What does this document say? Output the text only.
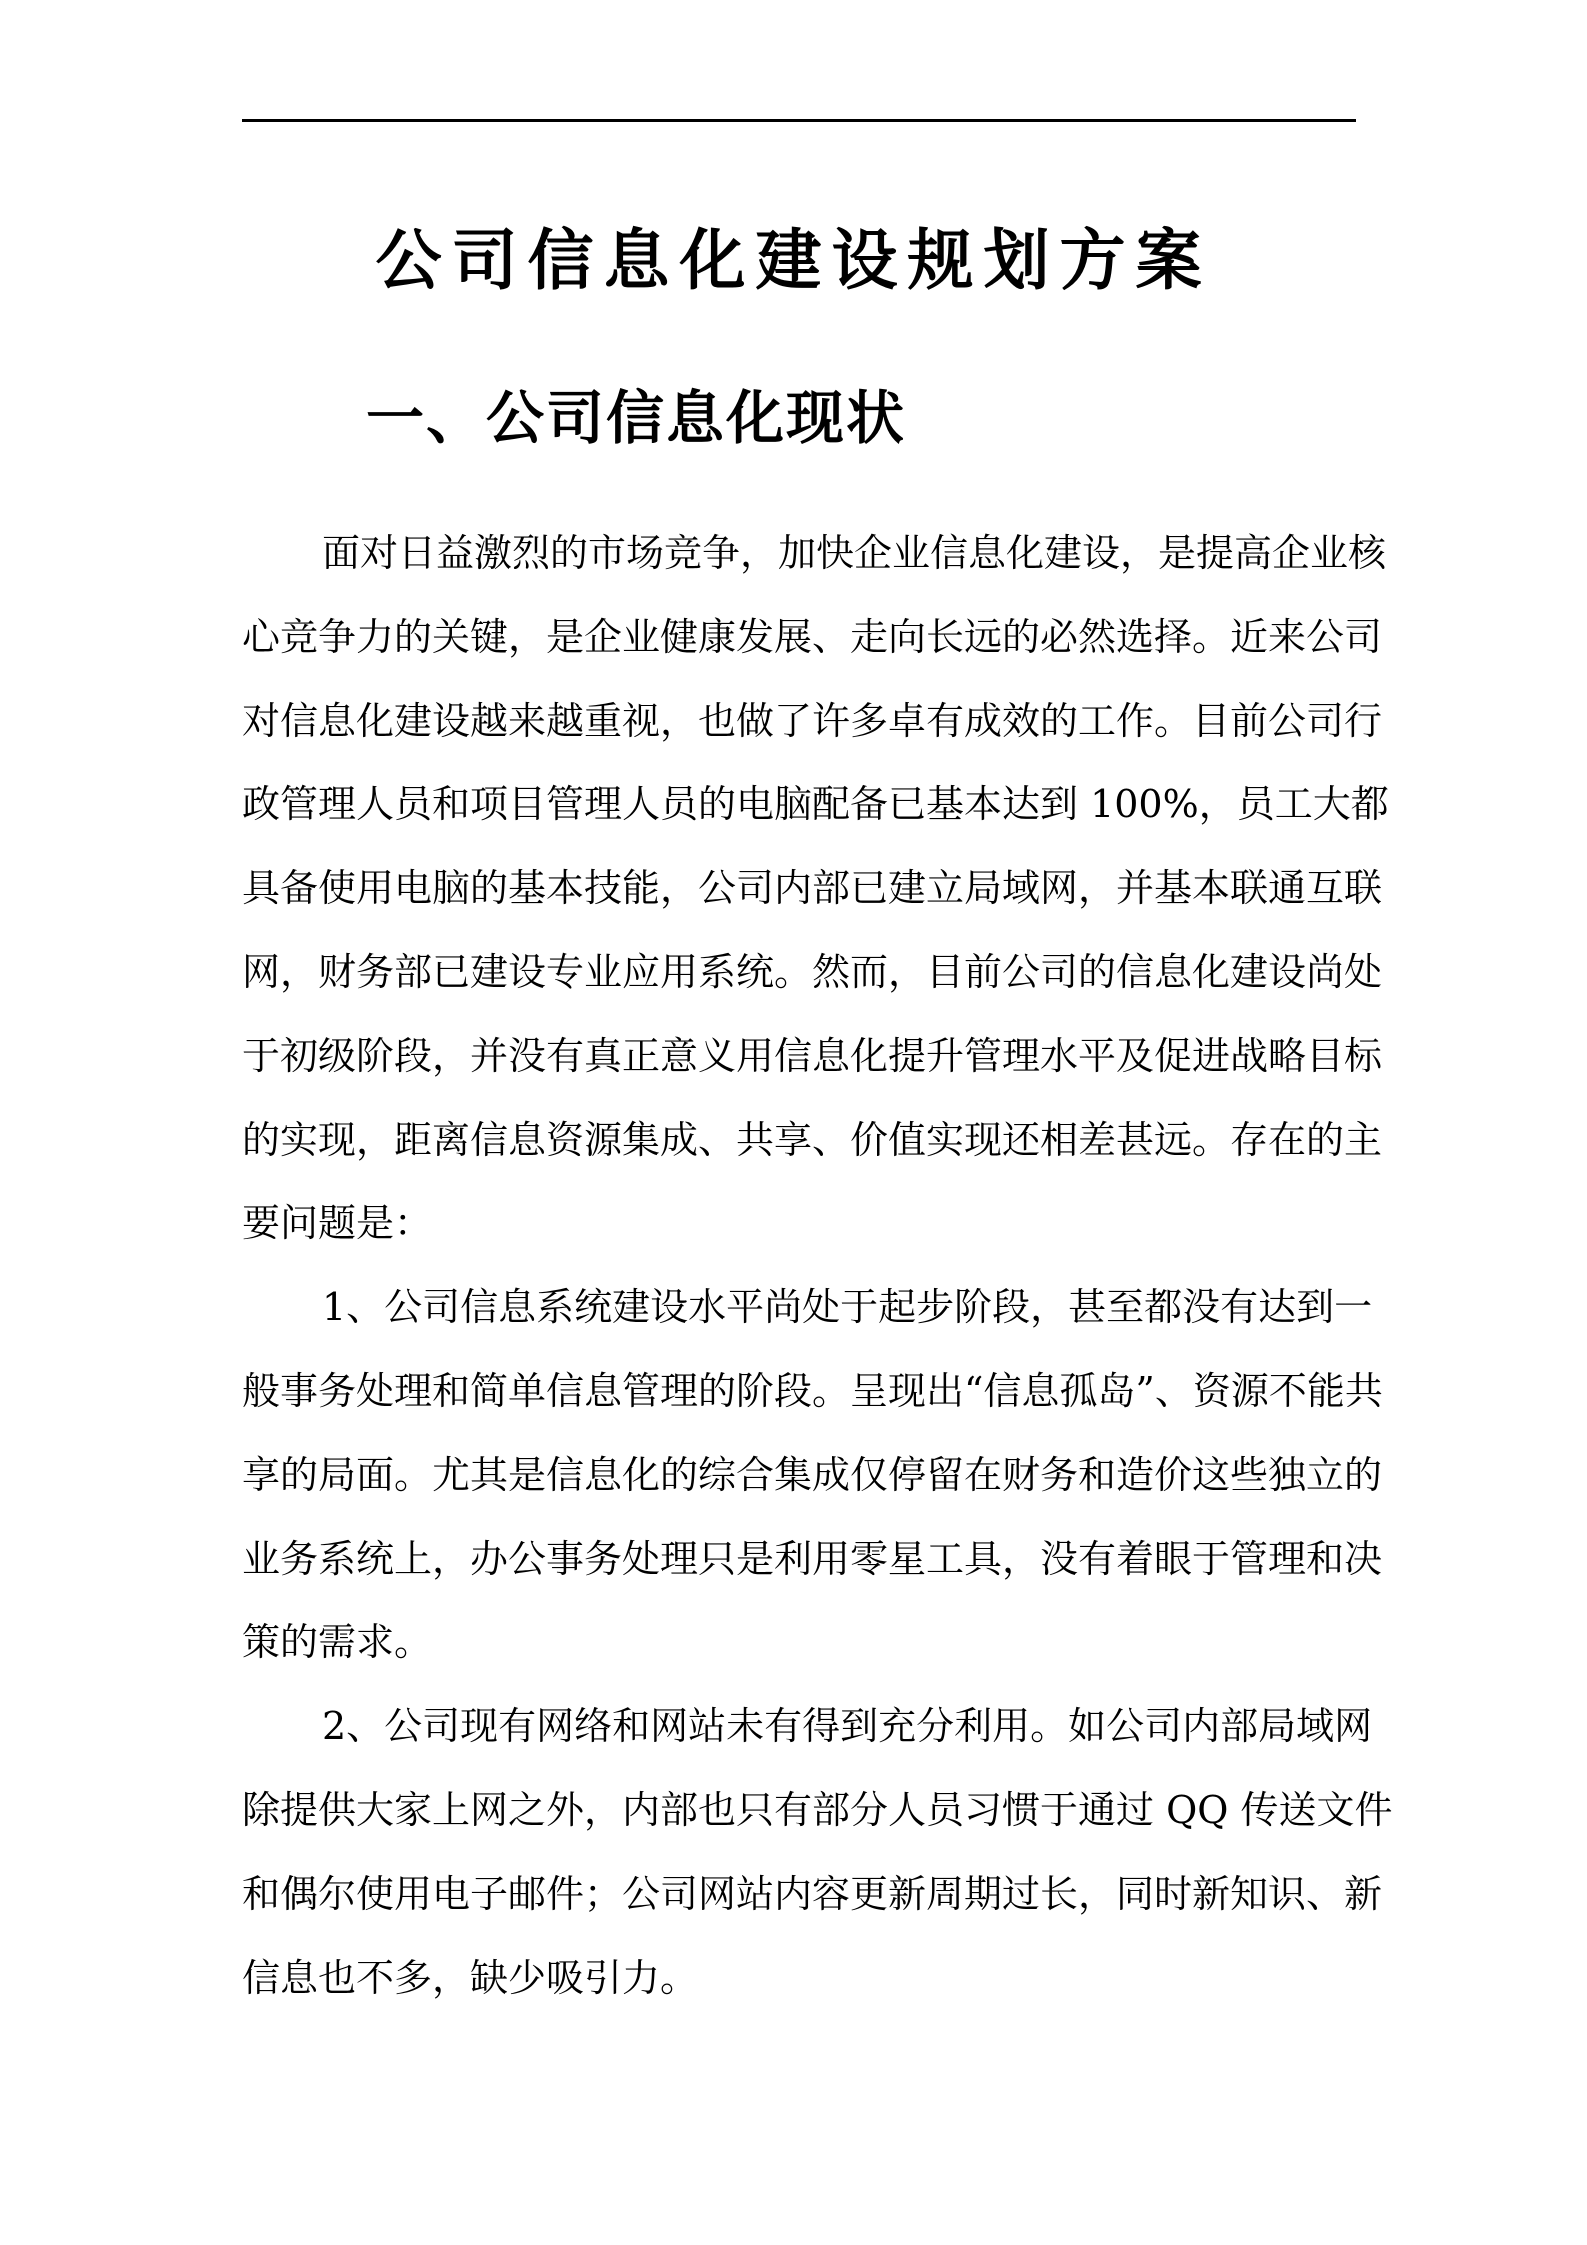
公司信息化建设规划方案
一、公司信息化现状
面对日益激烈的市场竞争，加快企业信息化建设，是提高企业核
心竞争力的关键，是企业健康发展、走向长远的必然选择。近来公司
对信息化建设越来越重视，也做了许多卓有成效的工作。目前公司行
政管理人员和项目管理人员的电脑配备已基本达到 100%，员工大都
具备使用电脑的基本技能，公司内部已建立局域网，并基本联通互联
网，财务部已建设专业应用系统。然而，目前公司的信息化建设尚处
于初级阶段，并没有真正意义用信息化提升管理水平及促进战略目标
的实现，距离信息资源集成、共享、价值实现还相差甚远。存在的主
要问题是：
1、公司信息系统建设水平尚处于起步阶段，甚至都没有达到一
般事务处理和简单信息管理的阶段。呈现出“信息孤岛”、资源不能共
享的局面。尤其是信息化的综合集成仅停留在财务和造价这些独立的
业务系统上，办公事务处理只是利用零星工具，没有着眼于管理和决
策的需求。
2、公司现有网络和网站未有得到充分利用。如公司内部局域网
除提供大家上网之外，内部也只有部分人员习惯于通过 QQ 传送文件
和偶尔使用电子邮件；公司网站内容更新周期过长，同时新知识、新
信息也不多，缺少吸引力。
